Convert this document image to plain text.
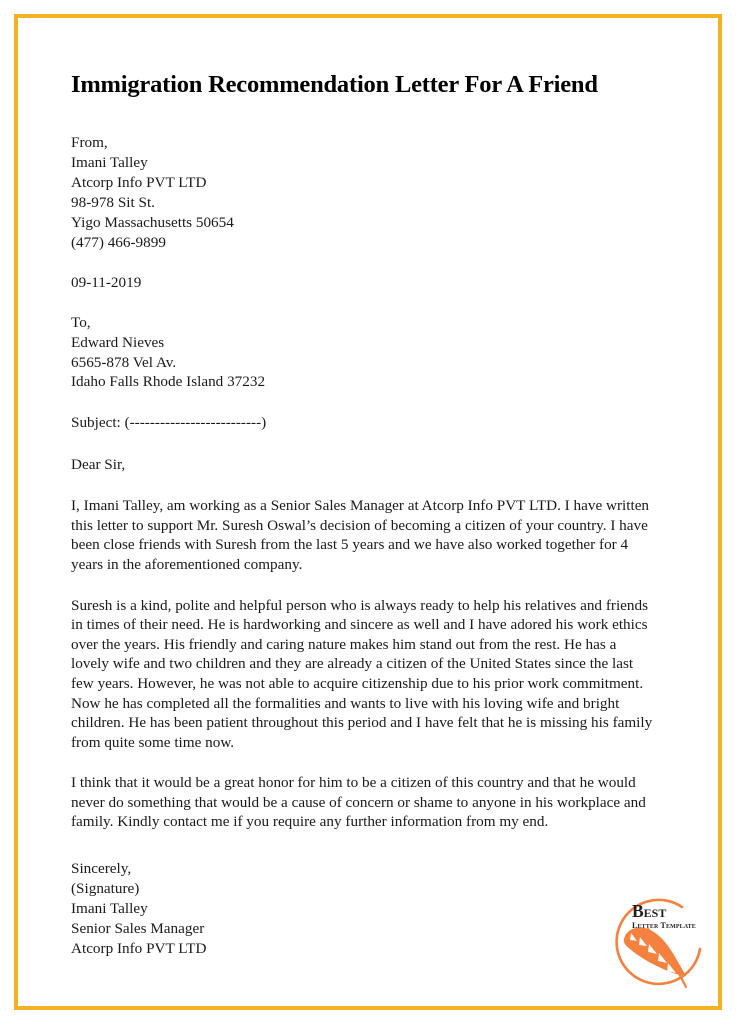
Immigration Recommendation Letter For A Friend
From,
Imani Talley
Atcorp Info PVT LTD
98-978 Sit St.
Yigo Massachusetts 50654
(477) 466-9899
09-11-2019
To,
Edward Nieves
6565-878 Vel Av.
Idaho Falls Rhode Island 37232
Subject: (--------------------------)
Dear Sir,

I, Imani Talley, am working as a Senior Sales Manager at Atcorp Info PVT LTD. I have written this letter to support Mr. Suresh Oswal’s decision of becoming a citizen of your country. I have been close friends with Suresh from the last 5 years and we have also worked together for 4 years in the aforementioned company.

Suresh is a kind, polite and helpful person who is always ready to help his relatives and friends in times of their need. He is hardworking and sincere as well and I have adored his work ethics over the years. His friendly and caring nature makes him stand out from the rest. He has a lovely wife and two children and they are already a citizen of the United States since the last few years. However, he was not able to acquire citizenship due to his prior work commitment. Now he has completed all the formalities and wants to live with his loving wife and bright children. He has been patient throughout this period and I have felt that he is missing his family from quite some time now.

I think that it would be a great honor for him to be a citizen of this country and that he would never do something that would be a cause of concern or shame to anyone in his workplace and family. Kindly contact me if you require any further information from my end.

Sincerely,
(Signature)
Imani Talley
Senior Sales Manager
Atcorp Info PVT LTD
Best
Letter Template
